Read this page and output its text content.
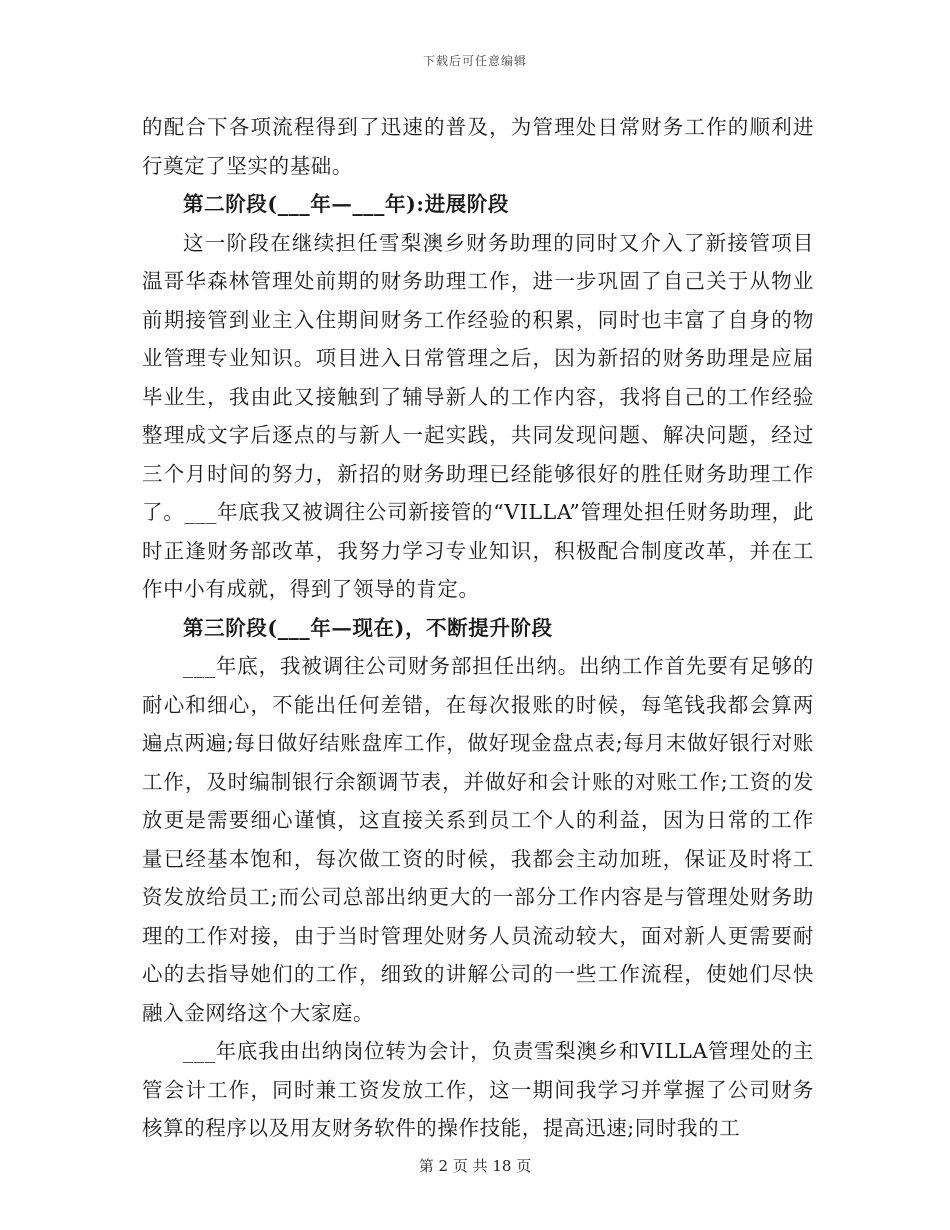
下载后可任意编辑

的配合下各项流程得到了迅速的普及，为管理处日常财务工作的顺利进行奠定了坚实的基础。

第二阶段(___年—___年):进展阶段

这一阶段在继续担任雪梨澳乡财务助理的同时又介入了新接管项目温哥华森林管理处前期的财务助理工作，进一步巩固了自己关于从物业前期接管到业主入住期间财务工作经验的积累，同时也丰富了自身的物业管理专业知识。项目进入日常管理之后，因为新招的财务助理是应届毕业生，我由此又接触到了辅导新人的工作内容，我将自己的工作经验整理成文字后逐点的与新人一起实践，共同发现问题、解决问题，经过三个月时间的努力，新招的财务助理已经能够很好的胜任财务助理工作了。___年底我又被调往公司新接管的“VILLA”管理处担任财务助理，此时正逢财务部改革，我努力学习专业知识，积极配合制度改革，并在工作中小有成就，得到了领导的肯定。

第三阶段(___年—现在)，不断提升阶段

___年底，我被调往公司财务部担任出纳。出纳工作首先要有足够的耐心和细心，不能出任何差错，在每次报账的时候，每笔钱我都会算两遍点两遍;每日做好结账盘库工作，做好现金盘点表;每月末做好银行对账工作，及时编制银行余额调节表，并做好和会计账的对账工作;工资的发放更是需要细心谨慎，这直接关系到员工个人的利益，因为日常的工作量已经基本饱和，每次做工资的时候，我都会主动加班，保证及时将工资发放给员工;而公司总部出纳更大的一部分工作内容是与管理处财务助理的工作对接，由于当时管理处财务人员流动较大，面对新人更需要耐心的去指导她们的工作，细致的讲解公司的一些工作流程，使她们尽快融入金网络这个大家庭。

___年底我由出纳岗位转为会计，负责雪梨澳乡和VILLA管理处的主管会计工作，同时兼工资发放工作，这一期间我学习并掌握了公司财务核算的程序以及用友财务软件的操作技能，提高迅速;同时我的工

第 2 页 共 18 页
